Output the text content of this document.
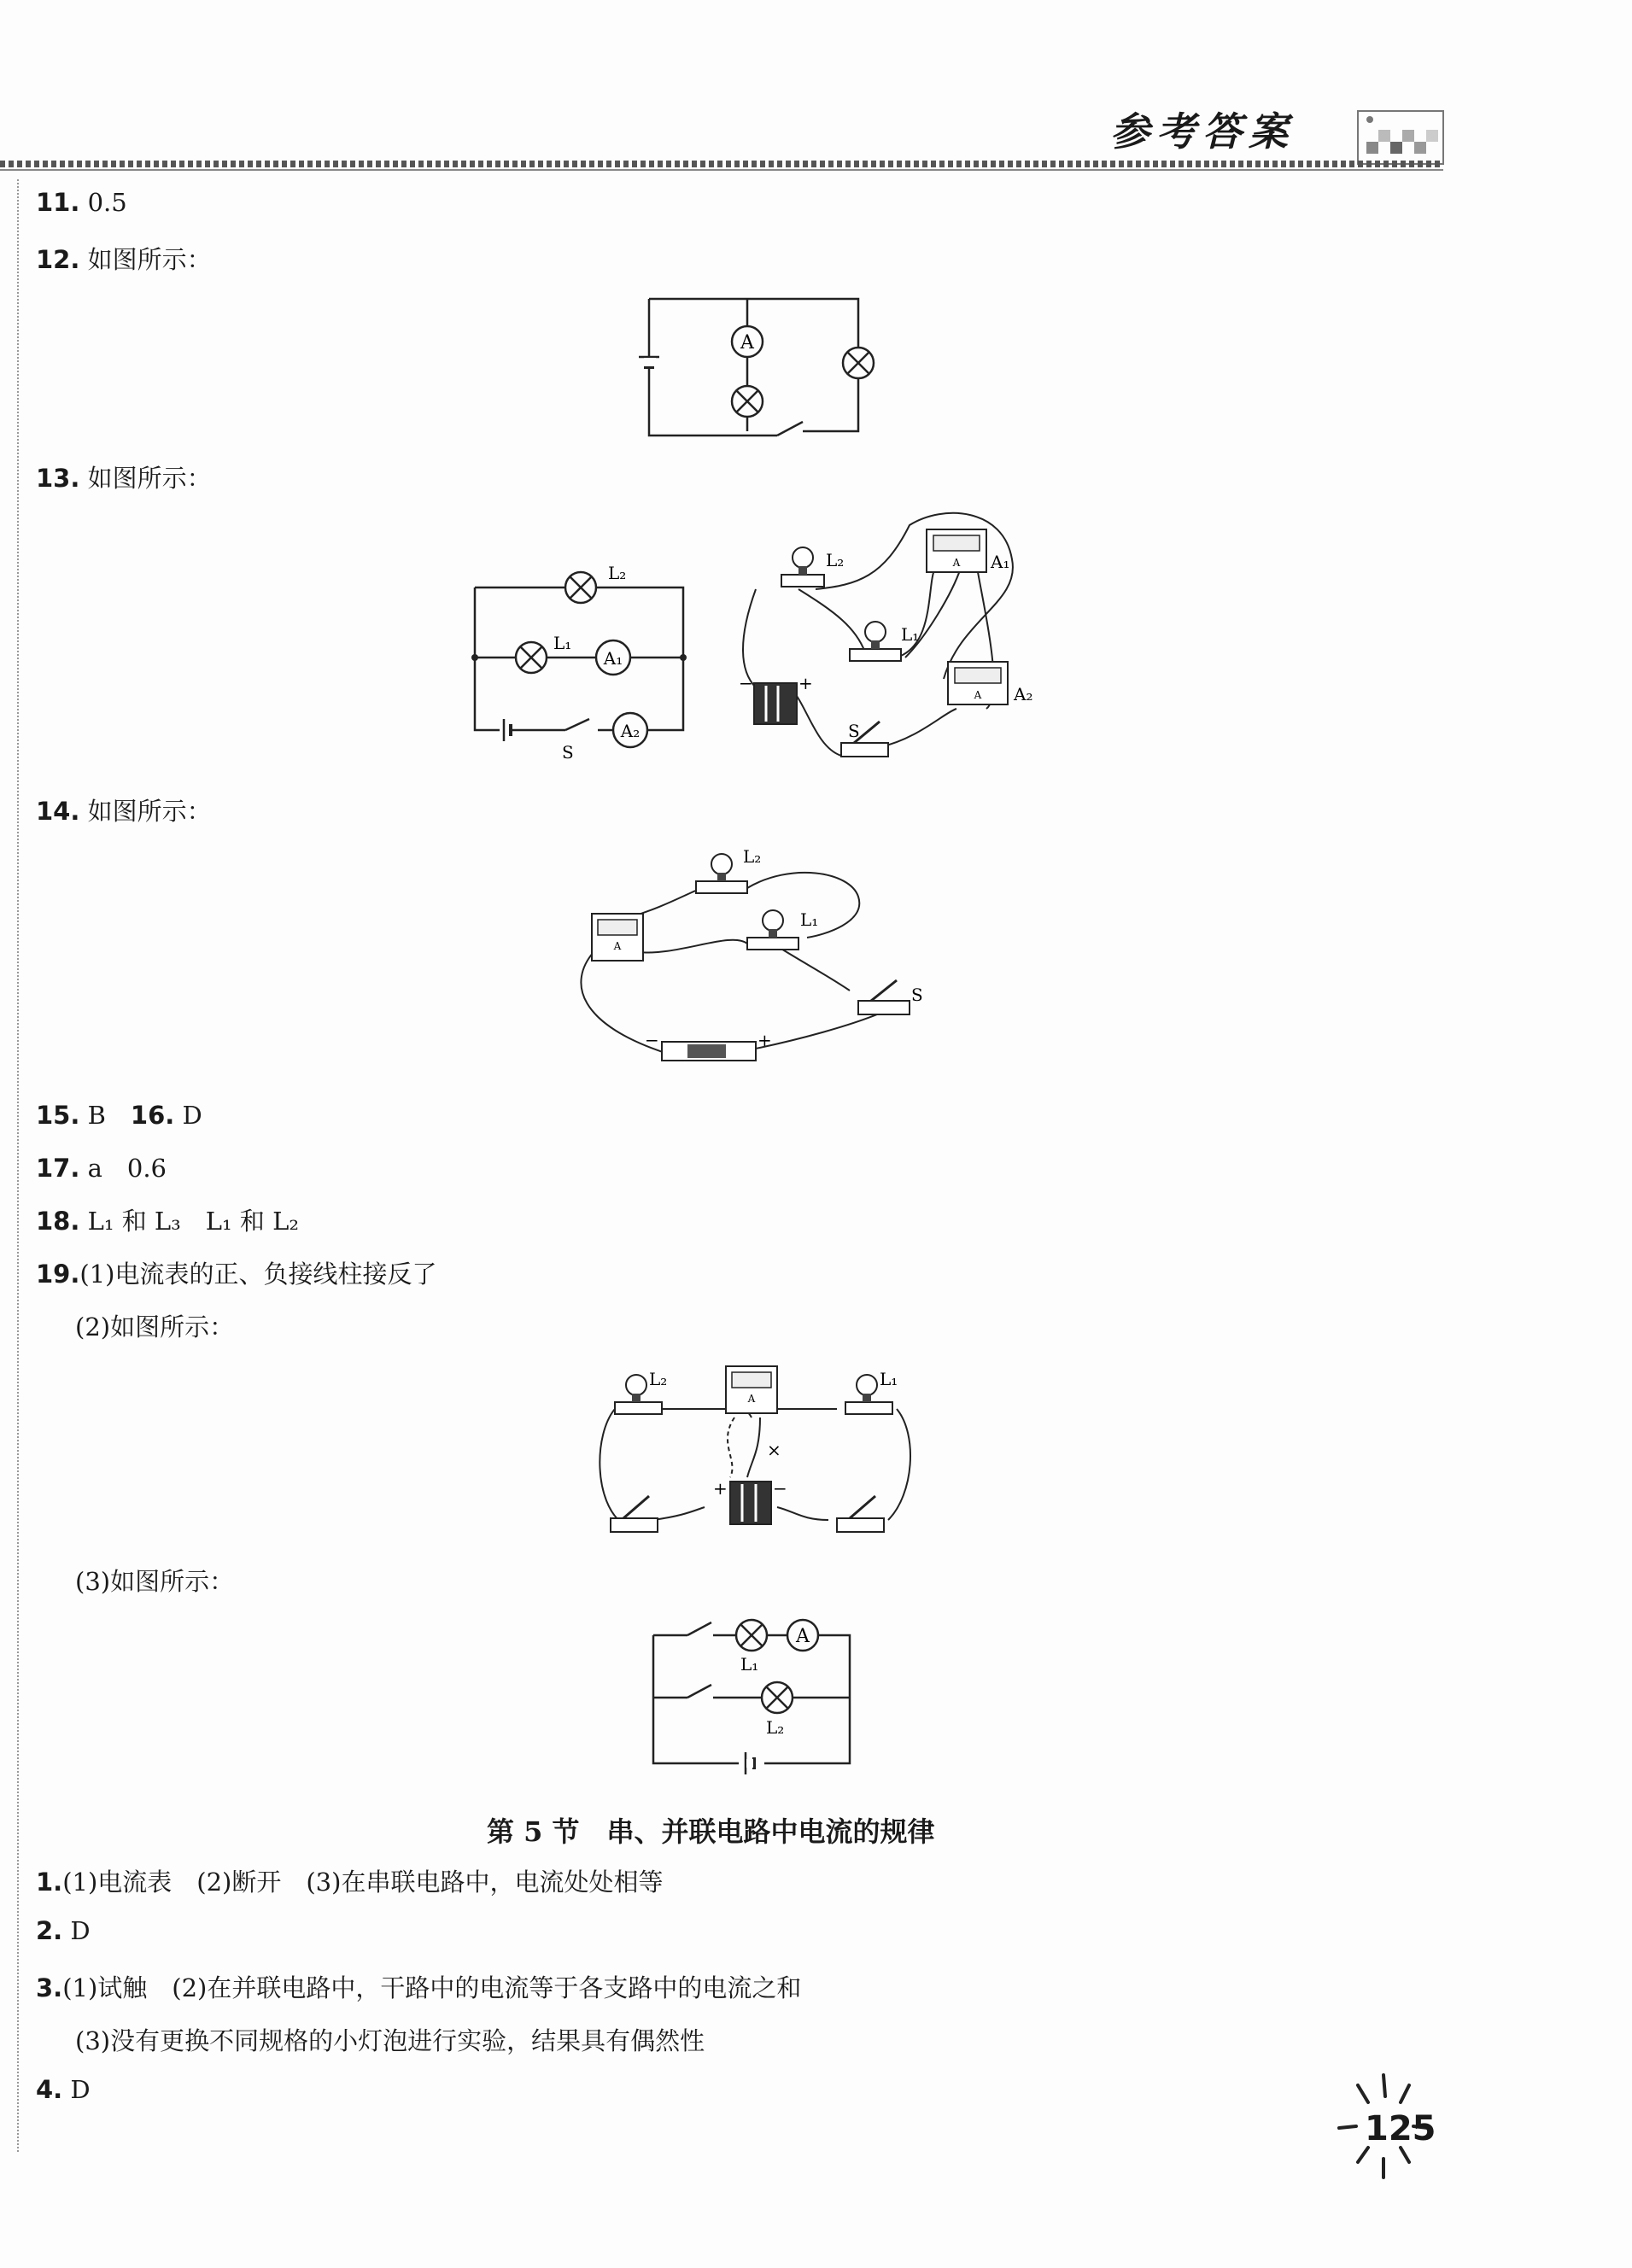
参考答案
11. 0.5
12. 如图所示：
A
13. 如图所示：
L₂
L₁
A₁
A₂
S
L₂
L₁
A A₁
A A₂
−	+
S
14. 如图所示：
A
L₂
L₁
S
−	+
15. B　 16. D
17. a　0.6
18. L₁ 和 L₃　L₁ 和 L₂
19.(1)电流表的正、负接线柱接反了
(2)如图所示：
×
L₂
A
L₁
+	−
(3)如图所示：
L₁
A
L₂
第 5 节　串、并联电路中电流的规律
1.(1)电流表　(2)断开　(3)在串联电路中，电流处处相等
2. D
3.(1)试触　(2)在并联电路中，干路中的电流等于各支路中的电流之和
(3)没有更换不同规格的小灯泡进行实验，结果具有偶然性
4. D
125
